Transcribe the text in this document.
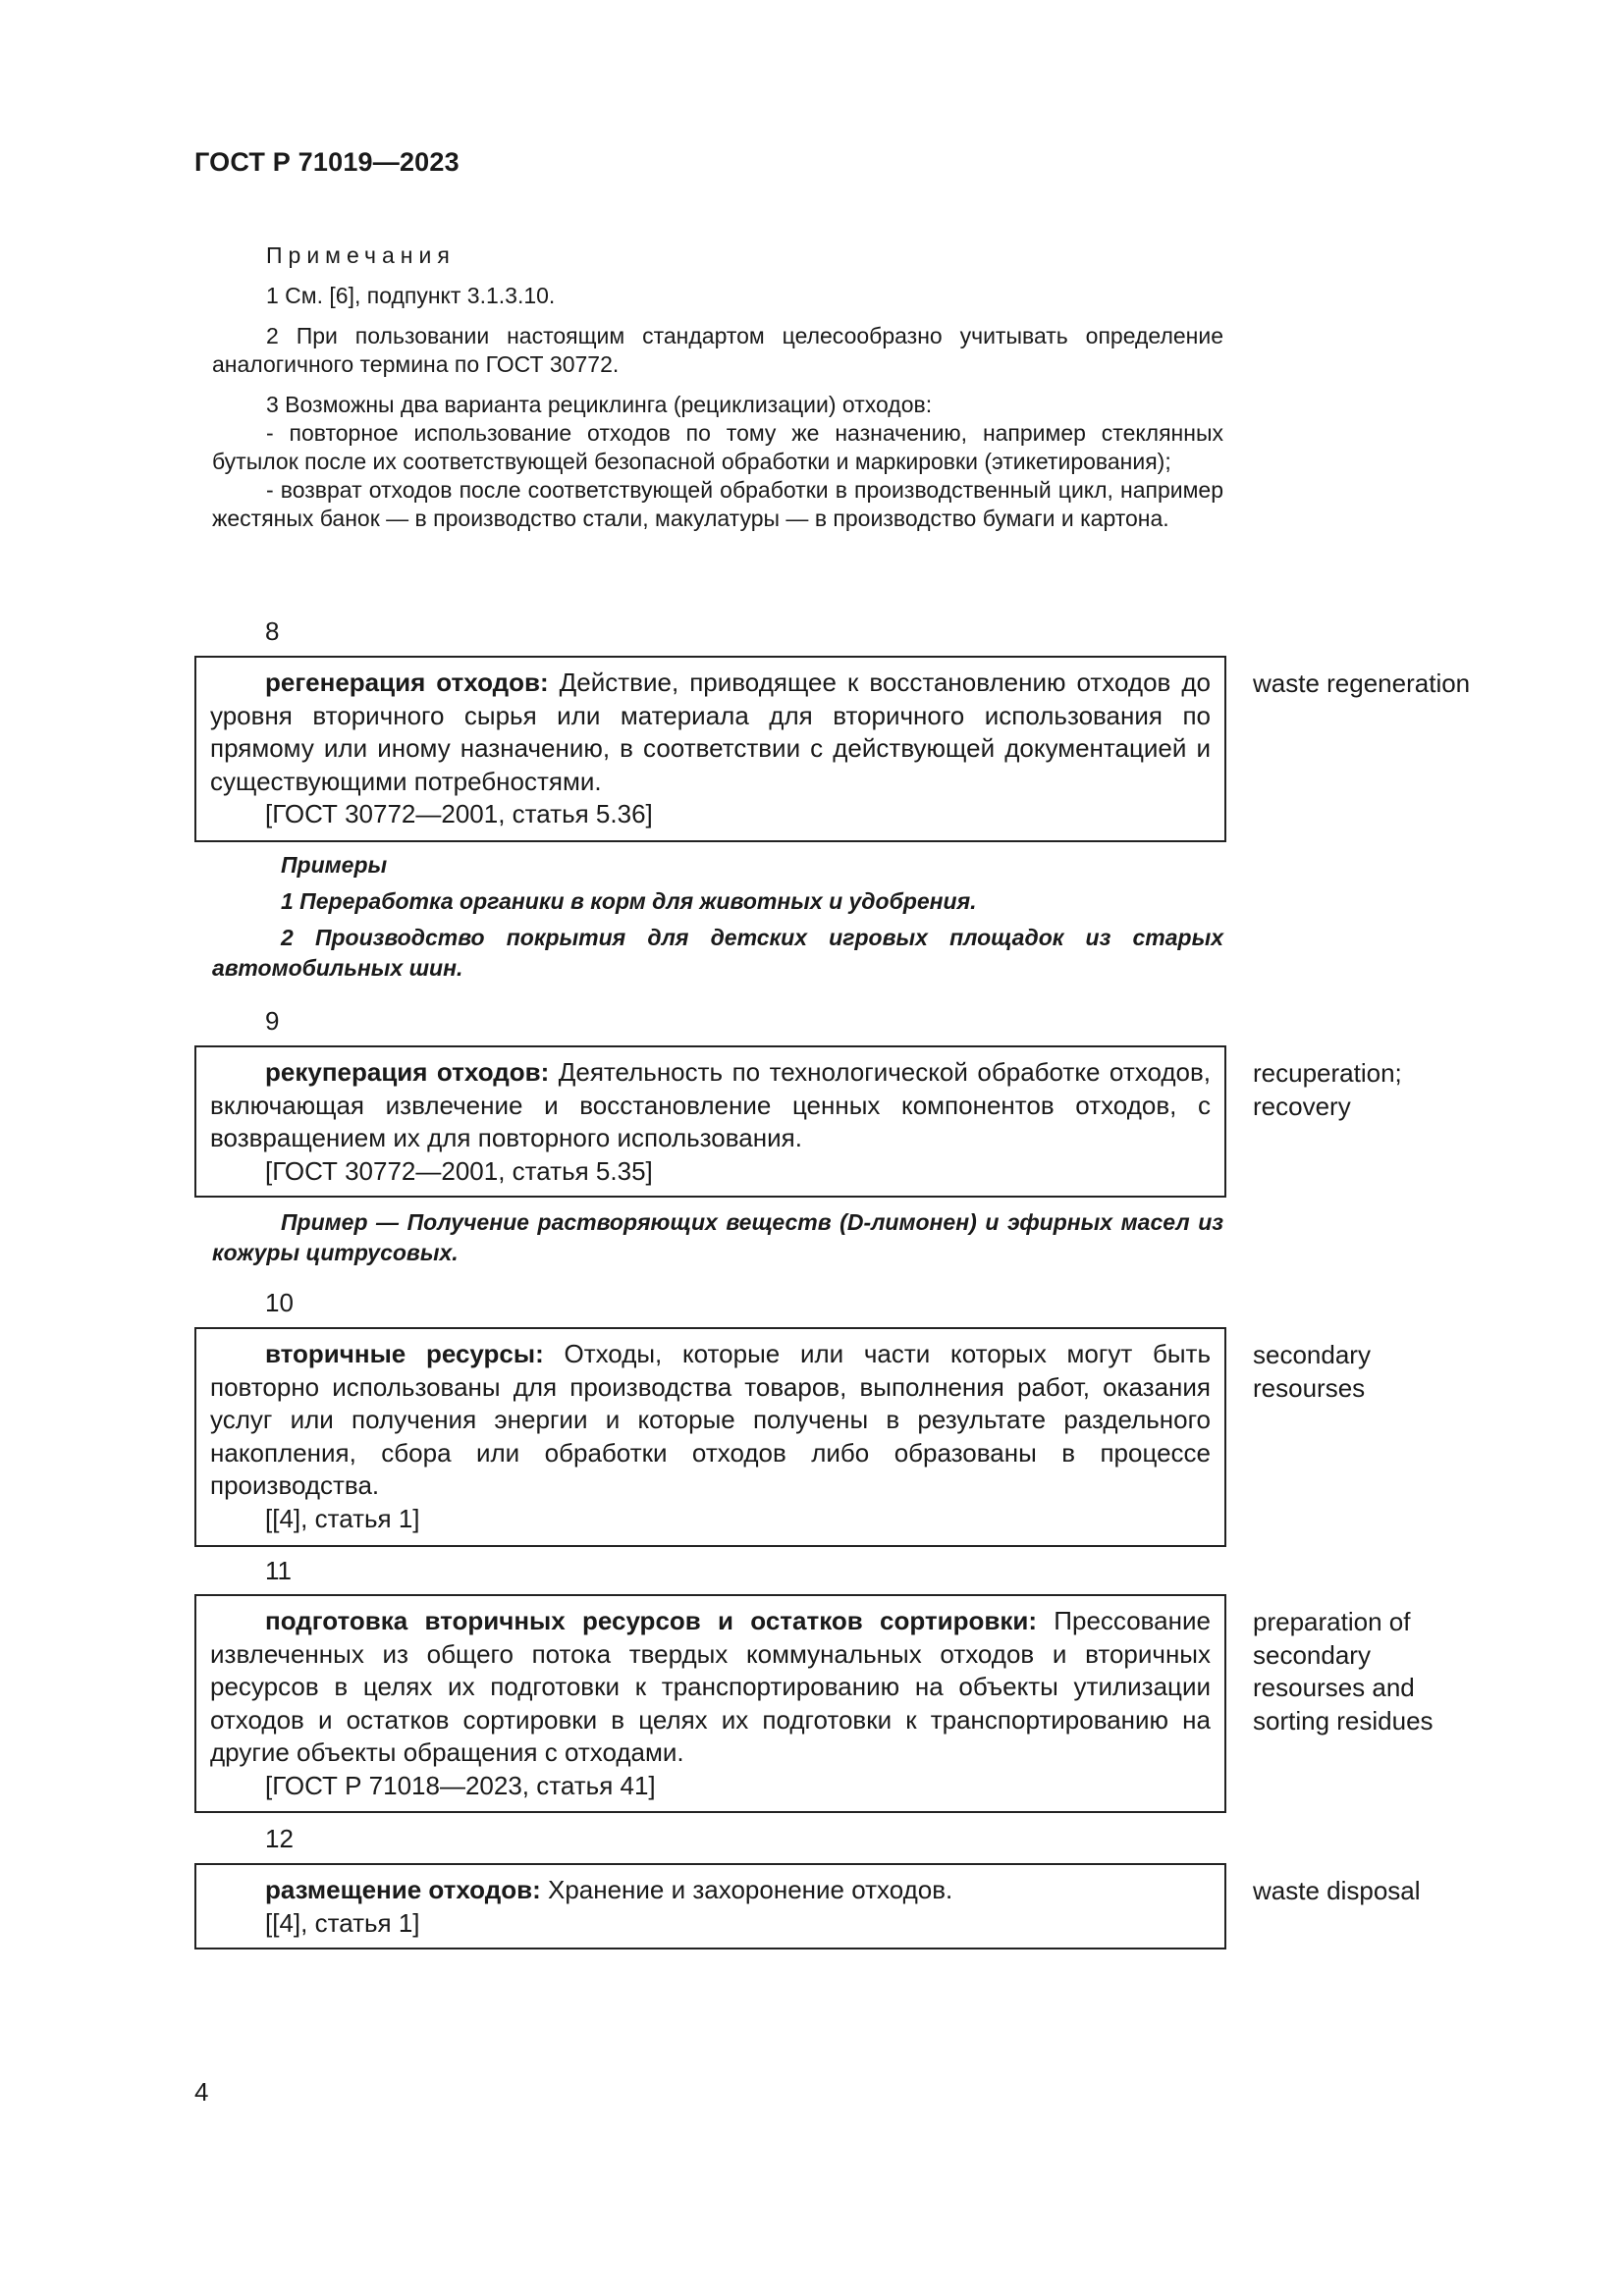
ГОСТ Р 71019—2023

Примечания

1 См. [6], подпункт 3.1.3.10.

2 При пользовании настоящим стандартом целесообразно учитывать определение аналогичного термина по ГОСТ 30772.

3 Возможны два варианта рециклинга (рециклизации) отходов:

- повторное использование отходов по тому же назначению, например стеклянных бутылок после их соответствующей безопасной обработки и маркировки (этикетирования);

- возврат отходов после соответствующей обработки в производственный цикл, например жестяных банок — в производство стали, макулатуры — в производство бумаги и картона.

8

регенерация отходов: Действие, приводящее к восстановлению отходов до уровня вторичного сырья или материала для вторичного использования по прямому или иному назначению, в соответствии с действующей документацией и существующими потребностями.

[ГОСТ 30772—2001, статья 5.36]

waste regeneration

Примеры

1 Переработка органики в корм для животных и удобрения.

2 Производство покрытия для детских игровых площадок из старых автомобильных шин.

9

рекуперация отходов: Деятельность по технологической обработке отходов, включающая извлечение и восстановление ценных компонентов отходов, с возвращением их для повторного использования.

[ГОСТ 30772—2001, статья 5.35]

recuperation; recovery

Пример — Получение растворяющих веществ (D-лимонен) и эфирных масел из кожуры цитрусовых.

10

вторичные ресурсы: Отходы, которые или части которых могут быть повторно использованы для производства товаров, выполнения работ, оказания услуг или получения энергии и которые получены в результате раздельного накопления, сбора или обработки отходов либо образованы в процессе производства.

[[4], статья 1]

secondary resourses
11

подготовка вторичных ресурсов и остатков сортировки: Прессование извлеченных из общего потока твердых коммунальных отходов и вторичных ресурсов в целях их подготовки к транспортированию на объекты утилизации отходов и остатков сортировки в целях их подготовки к транспортированию на другие объекты обращения с отходами.

[ГОСТ Р 71018—2023, статья 41]

preparation of secondary resourses and sorting residues
12

размещение отходов: Хранение и захоронение отходов.

[[4], статья 1]

waste disposal
4
